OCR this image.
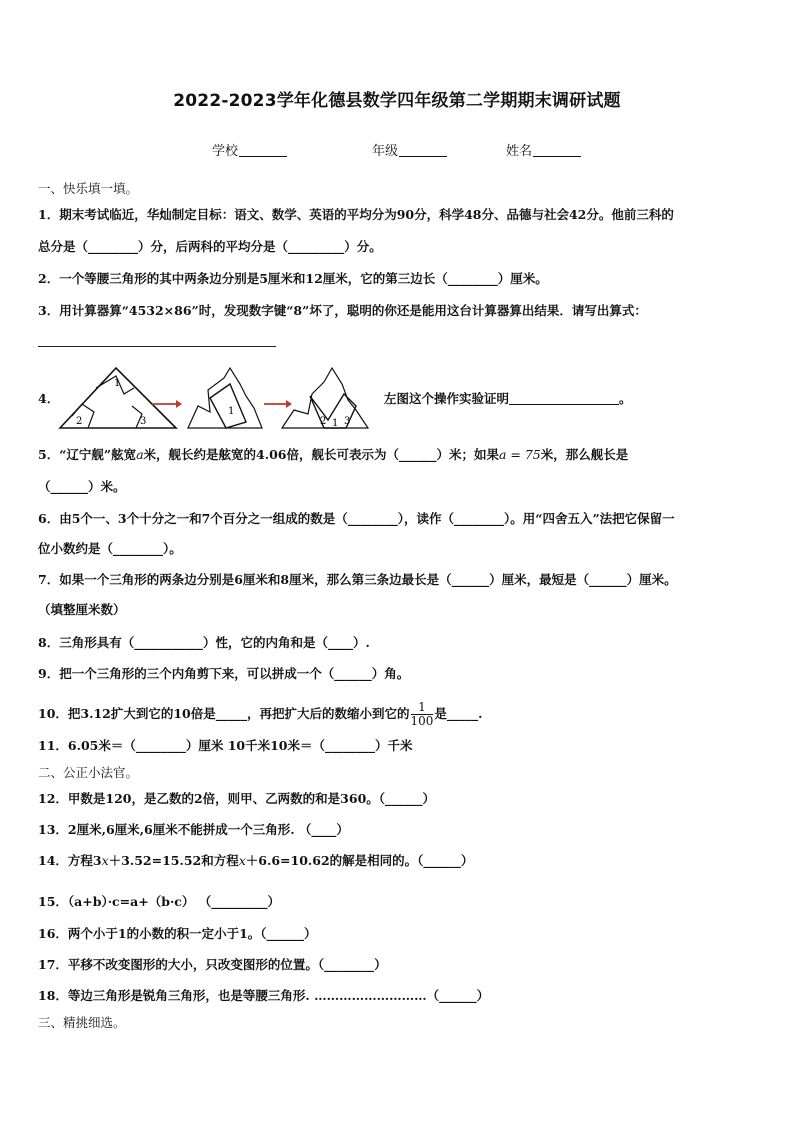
2022-2023学年化德县数学四年级第二学期期末调研试题
学校	年级	姓名
一、快乐填一填。
1．期末考试临近，华灿制定目标：语文、数学、英语的平均分为90分，科学48分、品德与社会42分。他前三科的
总分是（________）分，后两科的平均分是（_________）分。
2．一个等腰三角形的其中两条边分别是5厘米和12厘米，它的第三边长（________）厘米。
3．用计算器算“4532×86”时，发现数字键“8”坏了，聪明的你还是能用这台计算器算出结果．请写出算式：
4．
1
2	3
1
2 1 3
左图这个操作实验证明	。
5．“辽宁舰”舷宽a米，舰长约是舷宽的4.06倍，舰长可表示为（______）米；如果a = 75米，那么舰长是
（______）米。
6．由5个一、3个十分之一和7个百分之一组成的数是（________），读作（________）。用“四舍五入”法把它保留一
位小数约是（________）。
7．如果一个三角形的两条边分别是6厘米和8厘米，那么第三条边最长是（______）厘米，最短是（______）厘米。
（填整厘米数）
8．三角形具有（___________）性，它的内角和是（____）.
9．把一个三角形的三个内角剪下来，可以拼成一个（______）角。
10．把3.12扩大到它的10倍是_____，再把扩大后的数缩小到它的 $\frac{1}{100}$ 是_____.
11．6.05米＝（________）厘米 10千米10米＝（________）千米
二、公正小法官。
12．甲数是120，是乙数的2倍，则甲、乙两数的和是360。（______）
13．2厘米,6厘米,6厘米不能拼成一个三角形. （____）
14．方程3x＋3.52=15.52和方程x＋6.6=10.62的解是相同的。（______）
15．（a+b）·c=a+（b·c） （_________）
16．两个小于1的小数的积一定小于1。（______）
17．平移不改变图形的大小，只改变图形的位置。（________）
18．等边三角形是锐角三角形，也是等腰三角形. ………………………（______）
三、精挑细选。
